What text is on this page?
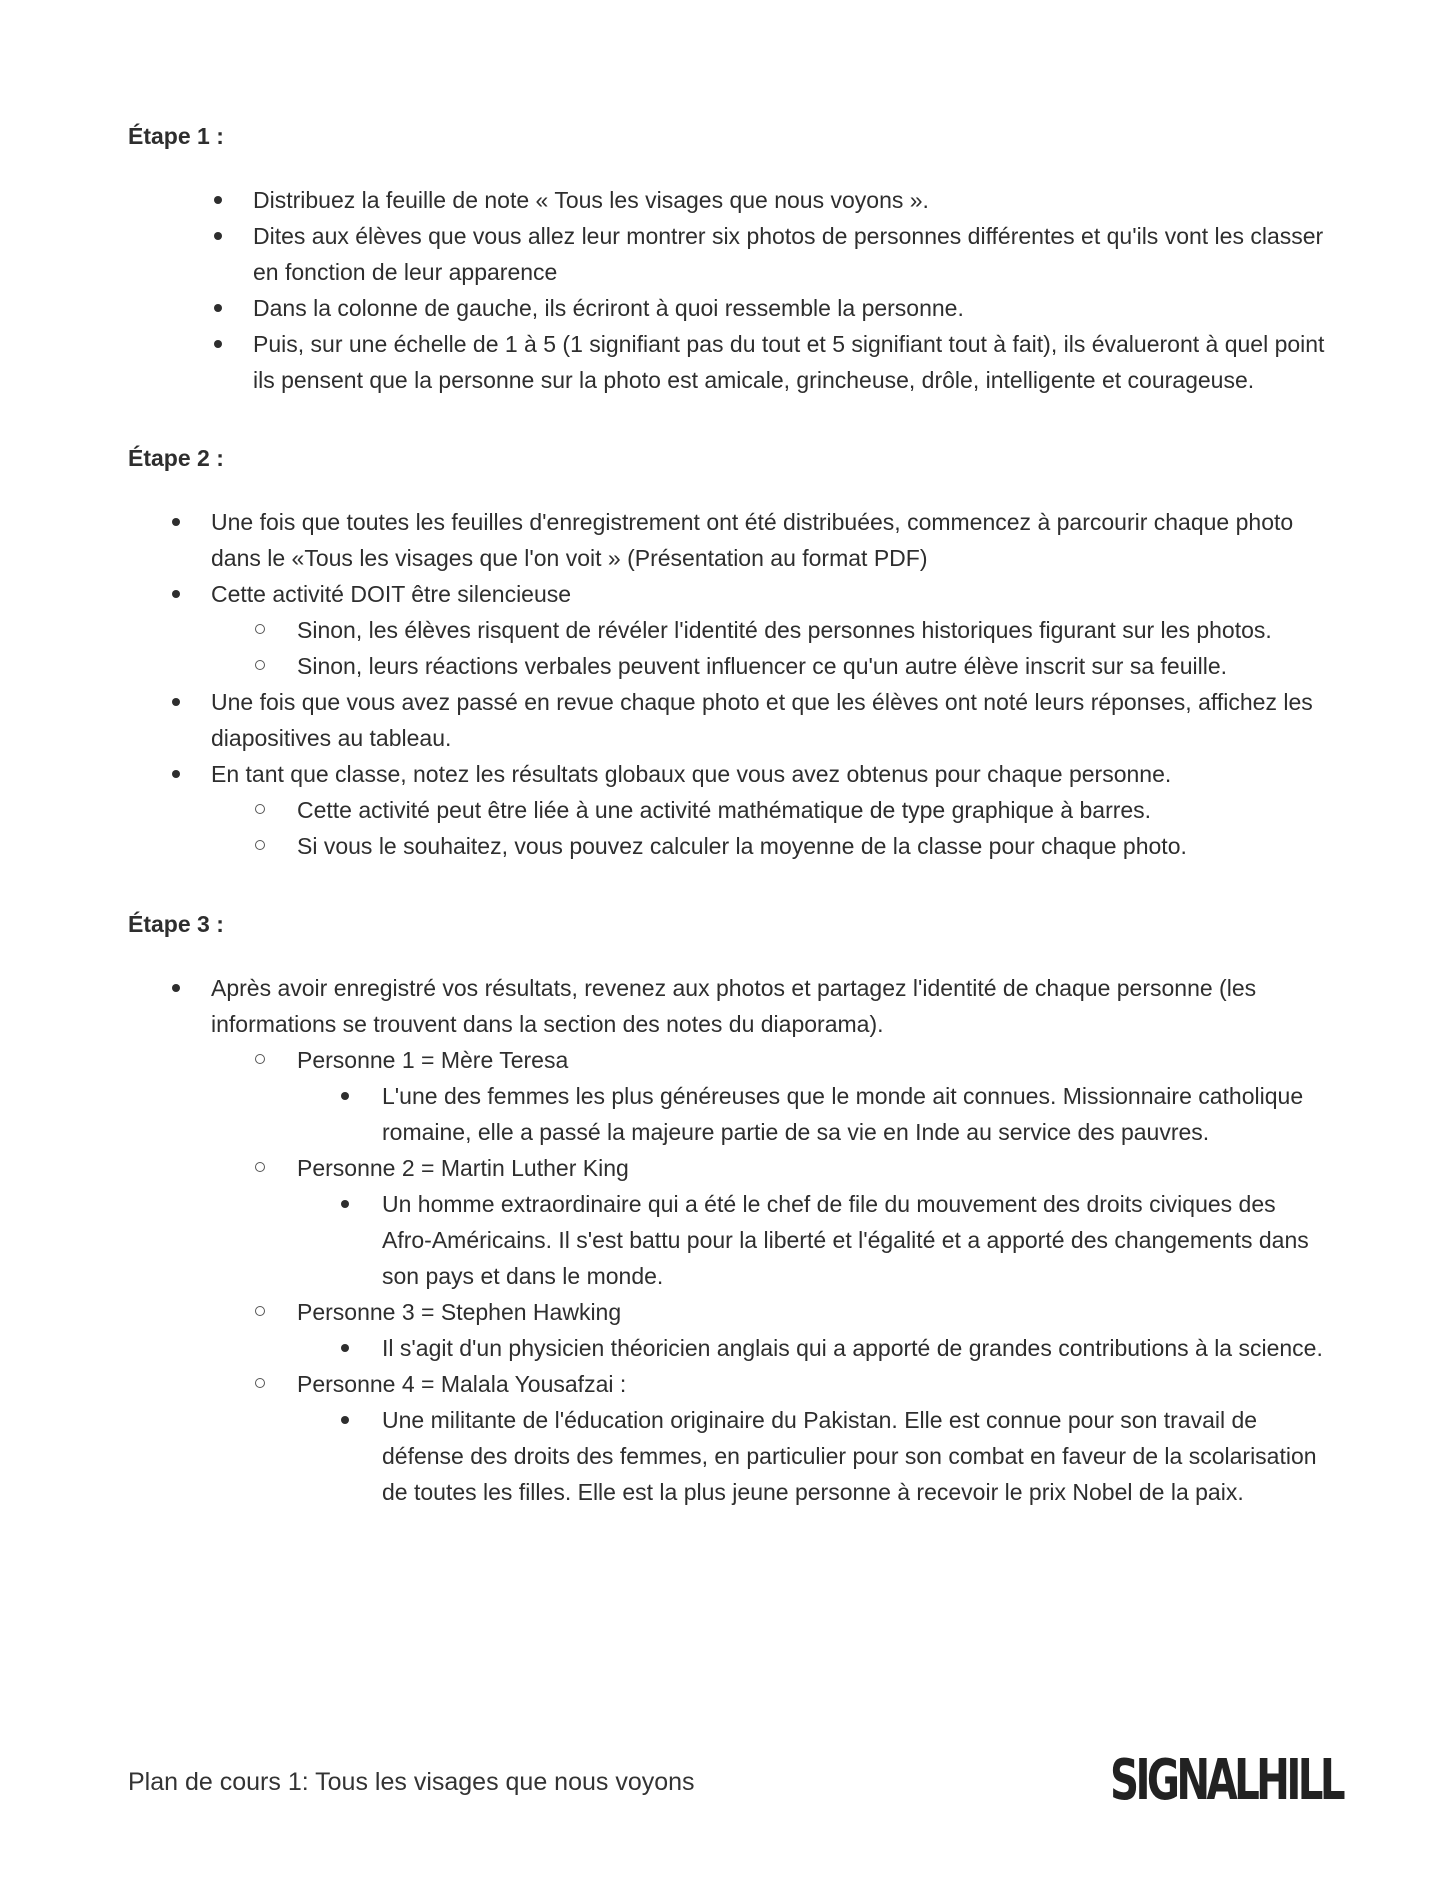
Étape 1 :
Distribuez la feuille de note « Tous les visages que nous voyons ».
Dites aux élèves que vous allez leur montrer six photos de personnes différentes et qu'ils vont les classer en fonction de leur apparence
Dans la colonne de gauche, ils écriront à quoi ressemble la personne.
Puis, sur une échelle de 1 à 5 (1 signifiant pas du tout et 5 signifiant tout à fait), ils évalueront à quel point ils pensent que la personne sur la photo est amicale, grincheuse, drôle, intelligente et courageuse.
Étape 2 :
Une fois que toutes les feuilles d'enregistrement ont été distribuées, commencez à parcourir chaque photo dans le «Tous les visages que l'on voit » (Présentation au format PDF)
Cette activité DOIT être silencieuse
Sinon, les élèves risquent de révéler l'identité des personnes historiques figurant sur les photos.
Sinon, leurs réactions verbales peuvent influencer ce qu'un autre élève inscrit sur sa feuille.
Une fois que vous avez passé en revue chaque photo et que les élèves ont noté leurs réponses, affichez les diapositives au tableau.
En tant que classe, notez les résultats globaux que vous avez obtenus pour chaque personne.
Cette activité peut être liée à une activité mathématique de type graphique à barres.
Si vous le souhaitez, vous pouvez calculer la moyenne de la classe pour chaque photo.
Étape 3 :
Après avoir enregistré vos résultats, revenez aux photos et partagez l'identité de chaque personne (les informations se trouvent dans la section des notes du diaporama).
Personne 1 = Mère Teresa
L'une des femmes les plus généreuses que le monde ait connues. Missionnaire catholique romaine, elle a passé la majeure partie de sa vie en Inde au service des pauvres.
Personne 2 = Martin Luther King
Un homme extraordinaire qui a été le chef de file du mouvement des droits civiques des Afro-Américains. Il s'est battu pour la liberté et l'égalité et a apporté des changements dans son pays et dans le monde.
Personne 3 = Stephen Hawking
Il s'agit d'un physicien théoricien anglais qui a apporté de grandes contributions à la science.
Personne 4 = Malala Yousafzai :
Une militante de l'éducation originaire du Pakistan. Elle est connue pour son travail de défense des droits des femmes, en particulier pour son combat en faveur de la scolarisation de toutes les filles. Elle est la plus jeune personne à recevoir le prix Nobel de la paix.
Plan de cours 1: Tous les visages que nous voyons	SIGNALHILL
